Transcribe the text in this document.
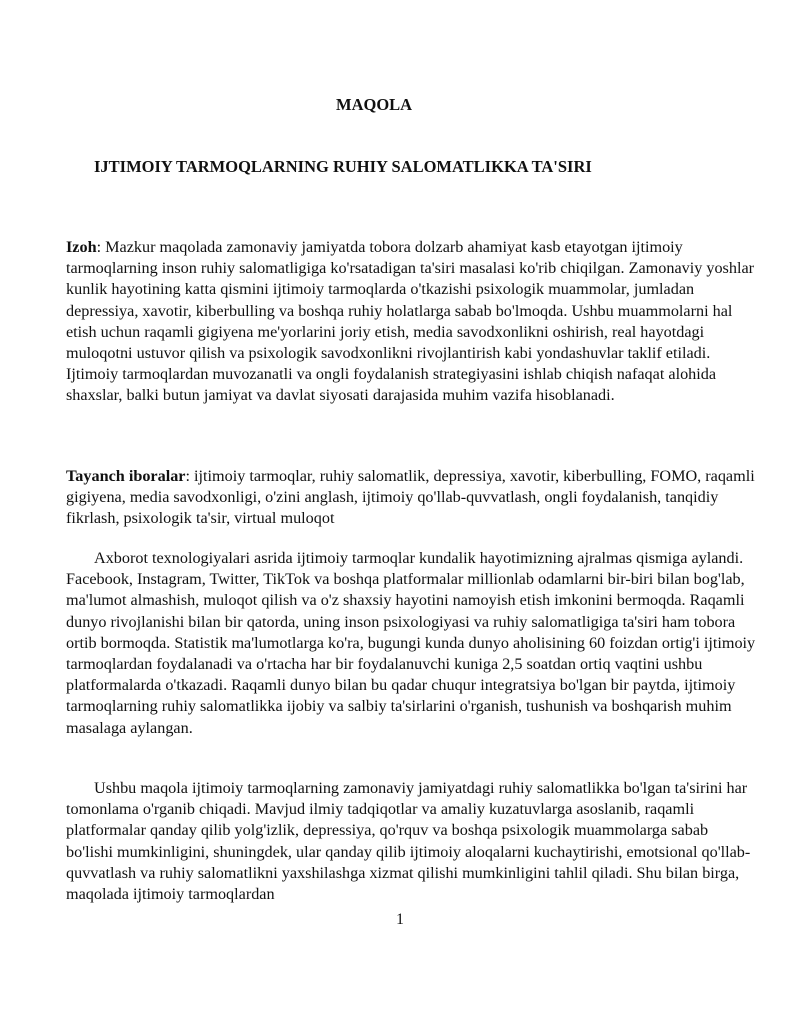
MAQOLA
IJTIMOIY TARMOQLARNING RUHIY SALOMATLIKKA TA'SIRI
Izoh: Mazkur maqolada zamonaviy jamiyatda tobora dolzarb ahamiyat kasb etayotgan ijtimoiy tarmoqlarning inson ruhiy salomatligiga ko'rsatadigan ta'siri masalasi ko'rib chiqilgan. Zamonaviy yoshlar kunlik hayotining katta qismini ijtimoiy tarmoqlarda o'tkazishi psixologik muammolar, jumladan depressiya, xavotir, kiberbulling va boshqa ruhiy holatlarga sabab bo'lmoqda. Ushbu muammolarni hal etish uchun raqamli gigiyena me'yorlarini joriy etish, media savodxonlikni oshirish, real hayotdagi muloqotni ustuvor qilish va psixologik savodxonlikni rivojlantirish kabi yondashuvlar taklif etiladi. Ijtimoiy tarmoqlardan muvozanatli va ongli foydalanish strategiyasini ishlab chiqish nafaqat alohida shaxslar, balki butun jamiyat va davlat siyosati darajasida muhim vazifa hisoblanadi.
Tayanch iboralar: ijtimoiy tarmoqlar, ruhiy salomatlik, depressiya, xavotir, kiberbulling, FOMO, raqamli gigiyena, media savodxonligi, o'zini anglash, ijtimoiy qo'llab-quvvatlash, ongli foydalanish, tanqidiy fikrlash, psixologik ta'sir, virtual muloqot
Axborot texnologiyalari asrida ijtimoiy tarmoqlar kundalik hayotimizning ajralmas qismiga aylandi. Facebook, Instagram, Twitter, TikTok va boshqa platformalar millionlab odamlarni bir-biri bilan bog'lab, ma'lumot almashish, muloqot qilish va o'z shaxsiy hayotini namoyish etish imkonini bermoqda. Raqamli dunyo rivojlanishi bilan bir qatorda, uning inson psixologiyasi va ruhiy salomatligiga ta'siri ham tobora ortib bormoqda. Statistik ma'lumotlarga ko'ra, bugungi kunda dunyo aholisining 60 foizdan ortig'i ijtimoiy tarmoqlardan foydalanadi va o'rtacha har bir foydalanuvchi kuniga 2,5 soatdan ortiq vaqtini ushbu platformalarda o'tkazadi. Raqamli dunyo bilan bu qadar chuqur integratsiya bo'lgan bir paytda, ijtimoiy tarmoqlarning ruhiy salomatlikka ijobiy va salbiy ta'sirlarini o'rganish, tushunish va boshqarish muhim masalaga aylangan.
Ushbu maqola ijtimoiy tarmoqlarning zamonaviy jamiyatdagi ruhiy salomatlikka bo'lgan ta'sirini har tomonlama o'rganib chiqadi. Mavjud ilmiy tadqiqotlar va amaliy kuzatuvlarga asoslanib, raqamli platformalar qanday qilib yolg'izlik, depressiya, qo'rquv va boshqa psixologik muammolarga sabab bo'lishi mumkinligini, shuningdek, ular qanday qilib ijtimoiy aloqalarni kuchaytirishi, emotsional qo'llab-quvvatlash va ruhiy salomatlikni yaxshilashga xizmat qilishi mumkinligini tahlil qiladi. Shu bilan birga, maqolada ijtimoiy tarmoqlardan
1
